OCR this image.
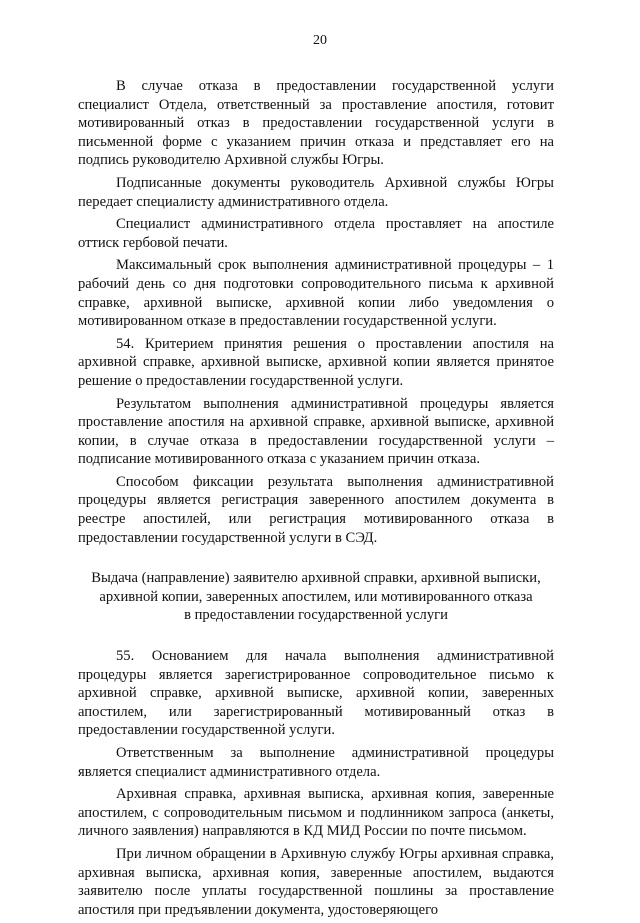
20

В случае отказа в предоставлении государственной услуги специалист Отдела, ответственный за проставление апостиля, готовит мотивированный отказ в предоставлении государственной услуги в письменной форме с указанием причин отказа и представляет его на подпись руководителю Архивной службы Югры.

Подписанные документы руководитель Архивной службы Югры передает специалисту административного отдела.

Специалист административного отдела проставляет на апостиле оттиск гербовой печати.

Максимальный срок выполнения административной процедуры – 1 рабочий день со дня подготовки сопроводительного письма к архивной справке, архивной выписке, архивной копии либо уведомления о мотивированном отказе в предоставлении государственной услуги.

54. Критерием принятия решения о проставлении апостиля на архивной справке, архивной выписке, архивной копии является принятое решение о предоставлении государственной услуги.

Результатом выполнения административной процедуры является проставление апостиля на архивной справке, архивной выписке, архивной копии, в случае отказа в предоставлении государственной услуги – подписание мотивированного отказа с указанием причин отказа.

Способом фиксации результата выполнения административной процедуры является регистрация заверенного апостилем документа в реестре апостилей, или регистрация мотивированного отказа в предоставлении государственной услуги в СЭД.

Выдача (направление) заявителю архивной справки, архивной выписки,
архивной копии, заверенных апостилем, или мотивированного отказа
в предоставлении государственной услуги

55. Основанием для начала выполнения административной процедуры является зарегистрированное сопроводительное письмо к архивной справке, архивной выписке, архивной копии, заверенных апостилем, или зарегистрированный мотивированный отказ в предоставлении государственной услуги.

Ответственным за выполнение административной процедуры является специалист административного отдела.

Архивная справка, архивная выписка, архивная копия, заверенные апостилем, с сопроводительным письмом и подлинником запроса (анкеты, личного заявления) направляются в КД МИД России по почте письмом.

При личном обращении в Архивную службу Югры архивная справка, архивная выписка, архивная копия, заверенные апостилем, выдаются заявителю после уплаты государственной пошлины за проставление апостиля при предъявлении документа, удостоверяющего
